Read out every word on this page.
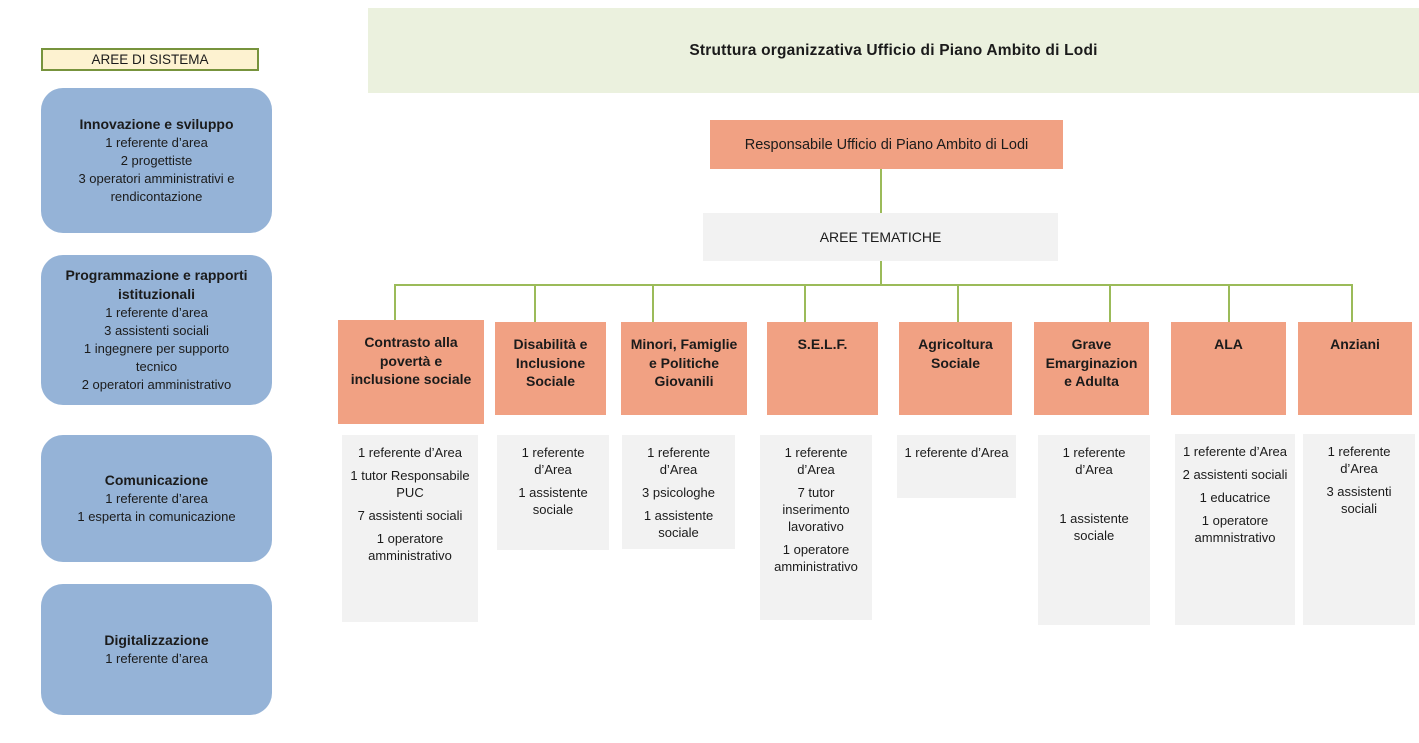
Struttura organizzativa Ufficio di Piano Ambito di Lodi
AREE DI SISTEMA
Innovazione e sviluppo
1 referente d’area
2 progettiste
3 operatori amministrativi e rendicontazione
Programmazione e rapporti istituzionali
1 referente d’area
3 assistenti sociali
1 ingegnere per supporto tecnico
2 operatori amministrativo
Comunicazione
1 referente d’area
1 esperta in comunicazione
Digitalizzazione
1 referente d’area
Responsabile Ufficio di Piano Ambito di Lodi
AREE TEMATICHE
Contrasto alla povertà e inclusione sociale
Disabilità e Inclusione Sociale
Minori, Famiglie e Politiche Giovanili
S.E.L.F.	Agricoltura Sociale
Grave Emarginazione Adulta
ALA	Anziani

1 referente d’Area

1 tutor Responsabile PUC

7 assistenti sociali

1 operatore amministrativo

1 referente d’Area

1 assistente sociale

1 referente d’Area

3 psicologhe

1 assistente sociale

1 referente d’Area

7 tutor inserimento lavorativo

1 operatore amministrativo

1 referente d’Area	1 referente d’Area

1 assistente sociale

1 referente d’Area

2 assistenti sociali

1 educatrice

1 operatore ammnistrativo

1 referente d’Area

3 assistenti sociali
